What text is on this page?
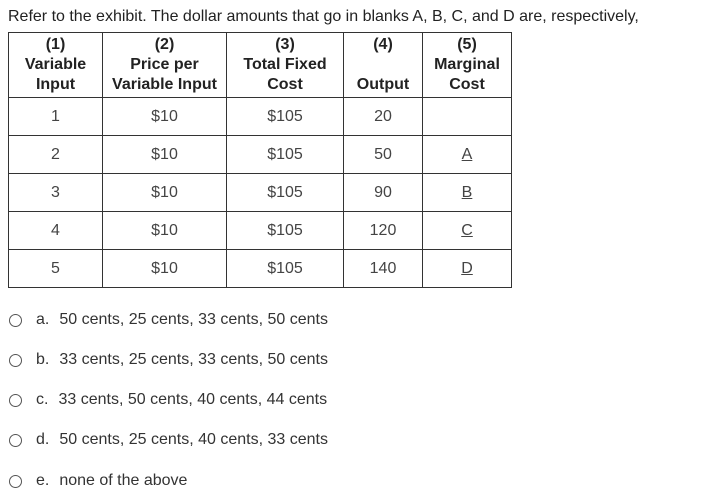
Refer to the exhibit. The dollar amounts that go in blanks A, B, C, and D are, respectively,
(1)
Variable
Input	(2)
Price per
Variable Input	(3)
Total Fixed
Cost	(4)

Output	(5)
Marginal
Cost

1	$10	$105	20	
2	$10	$105	50	A
3	$10	$105	90	B
4	$10	$105	120	C
5	$10	$105	140	D
a. 50 cents, 25 cents, 33 cents, 50 cents
b. 33 cents, 25 cents, 33 cents, 50 cents
c. 33 cents, 50 cents, 40 cents, 44 cents
d. 50 cents, 25 cents, 40 cents, 33 cents
e. none of the above
